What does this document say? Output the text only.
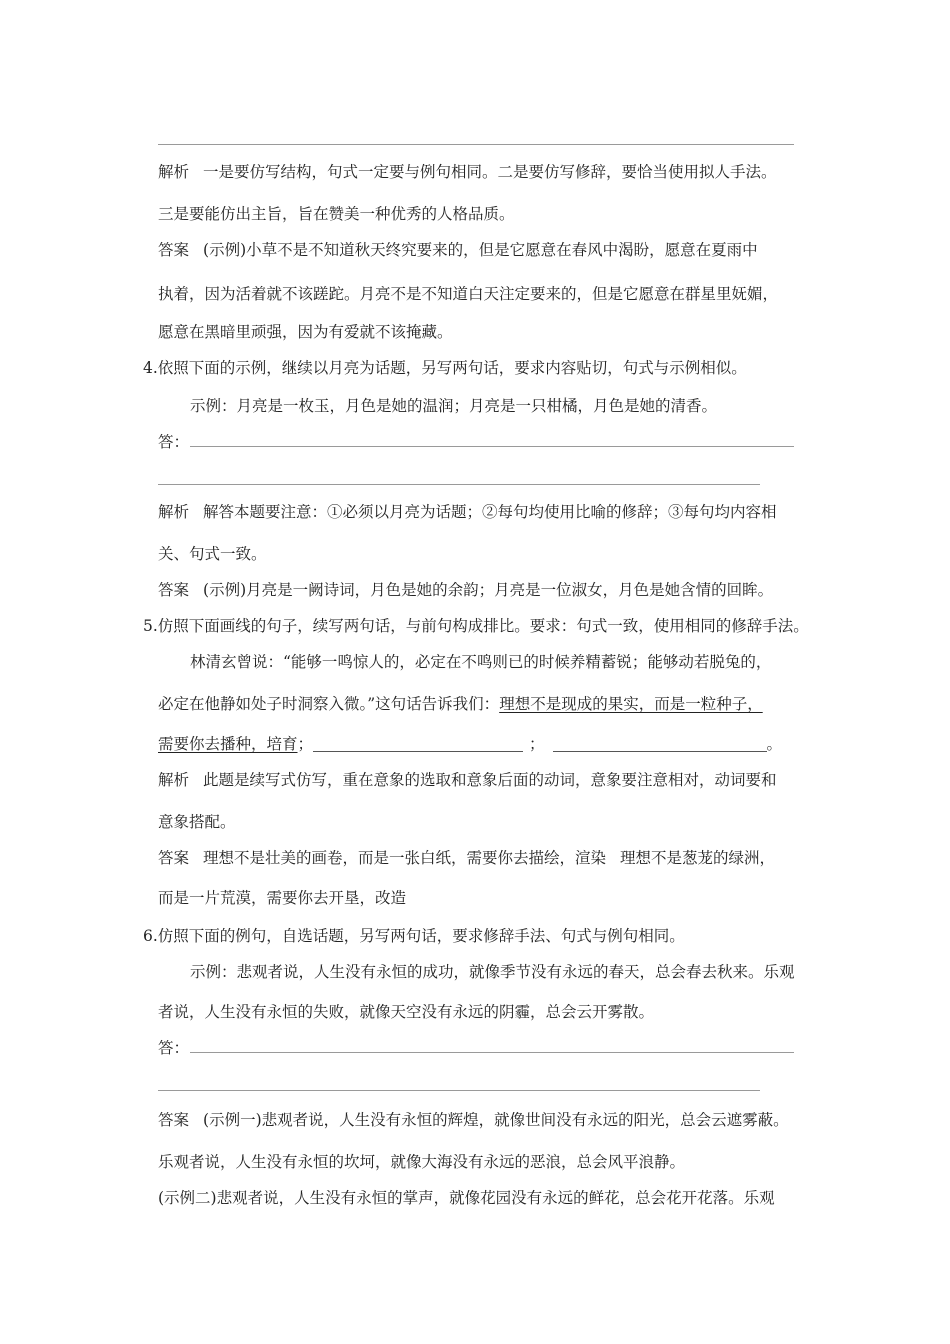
解析 一是要仿写结构，句式一定要与例句相同。二是要仿写修辞，要恰当使用拟人手法。
三是要能仿出主旨，旨在赞美一种优秀的人格品质。
答案 (示例)小草不是不知道秋天终究要来的，但是它愿意在春风中渴盼，愿意在夏雨中
执着，因为活着就不该蹉跎。月亮不是不知道白天注定要来的，但是它愿意在群星里妩媚，
愿意在黑暗里顽强，因为有爱就不该掩藏。
4.依照下面的示例，继续以月亮为话题，另写两句话，要求内容贴切，句式与示例相似。
示例：月亮是一枚玉，月色是她的温润；月亮是一只柑橘，月色是她的清香。
答：
解析 解答本题要注意：①必须以月亮为话题；②每句均使用比喻的修辞；③每句均内容相
关、句式一致。
答案 (示例)月亮是一阙诗词，月色是她的余韵；月亮是一位淑女，月色是她含情的回眸。
5.仿照下面画线的句子，续写两句话，与前句构成排比。要求：句式一致，使用相同的修辞手法。
林清玄曾说：“能够一鸣惊人的，必定在不鸣则已的时候养精蓄锐；能够动若脱兔的，
必定在他静如处子时洞察入微。”这句话告诉我们：理想不是现成的果实，而是一粒种子，
需要你去播种，培育；	；	。
解析 此题是续写式仿写，重在意象的选取和意象后面的动词，意象要注意相对，动词要和
意象搭配。
答案 理想不是壮美的画卷，而是一张白纸，需要你去描绘，渲染 理想不是葱茏的绿洲，
而是一片荒漠，需要你去开垦，改造
6.仿照下面的例句，自选话题，另写两句话，要求修辞手法、句式与例句相同。
示例：悲观者说，人生没有永恒的成功，就像季节没有永远的春天，总会春去秋来。乐观
者说，人生没有永恒的失败，就像天空没有永远的阴霾，总会云开雾散。
答：
答案 (示例一)悲观者说，人生没有永恒的辉煌，就像世间没有永远的阳光，总会云遮雾蔽。
乐观者说，人生没有永恒的坎坷，就像大海没有永远的恶浪，总会风平浪静。
(示例二)悲观者说，人生没有永恒的掌声，就像花园没有永远的鲜花，总会花开花落。乐观
